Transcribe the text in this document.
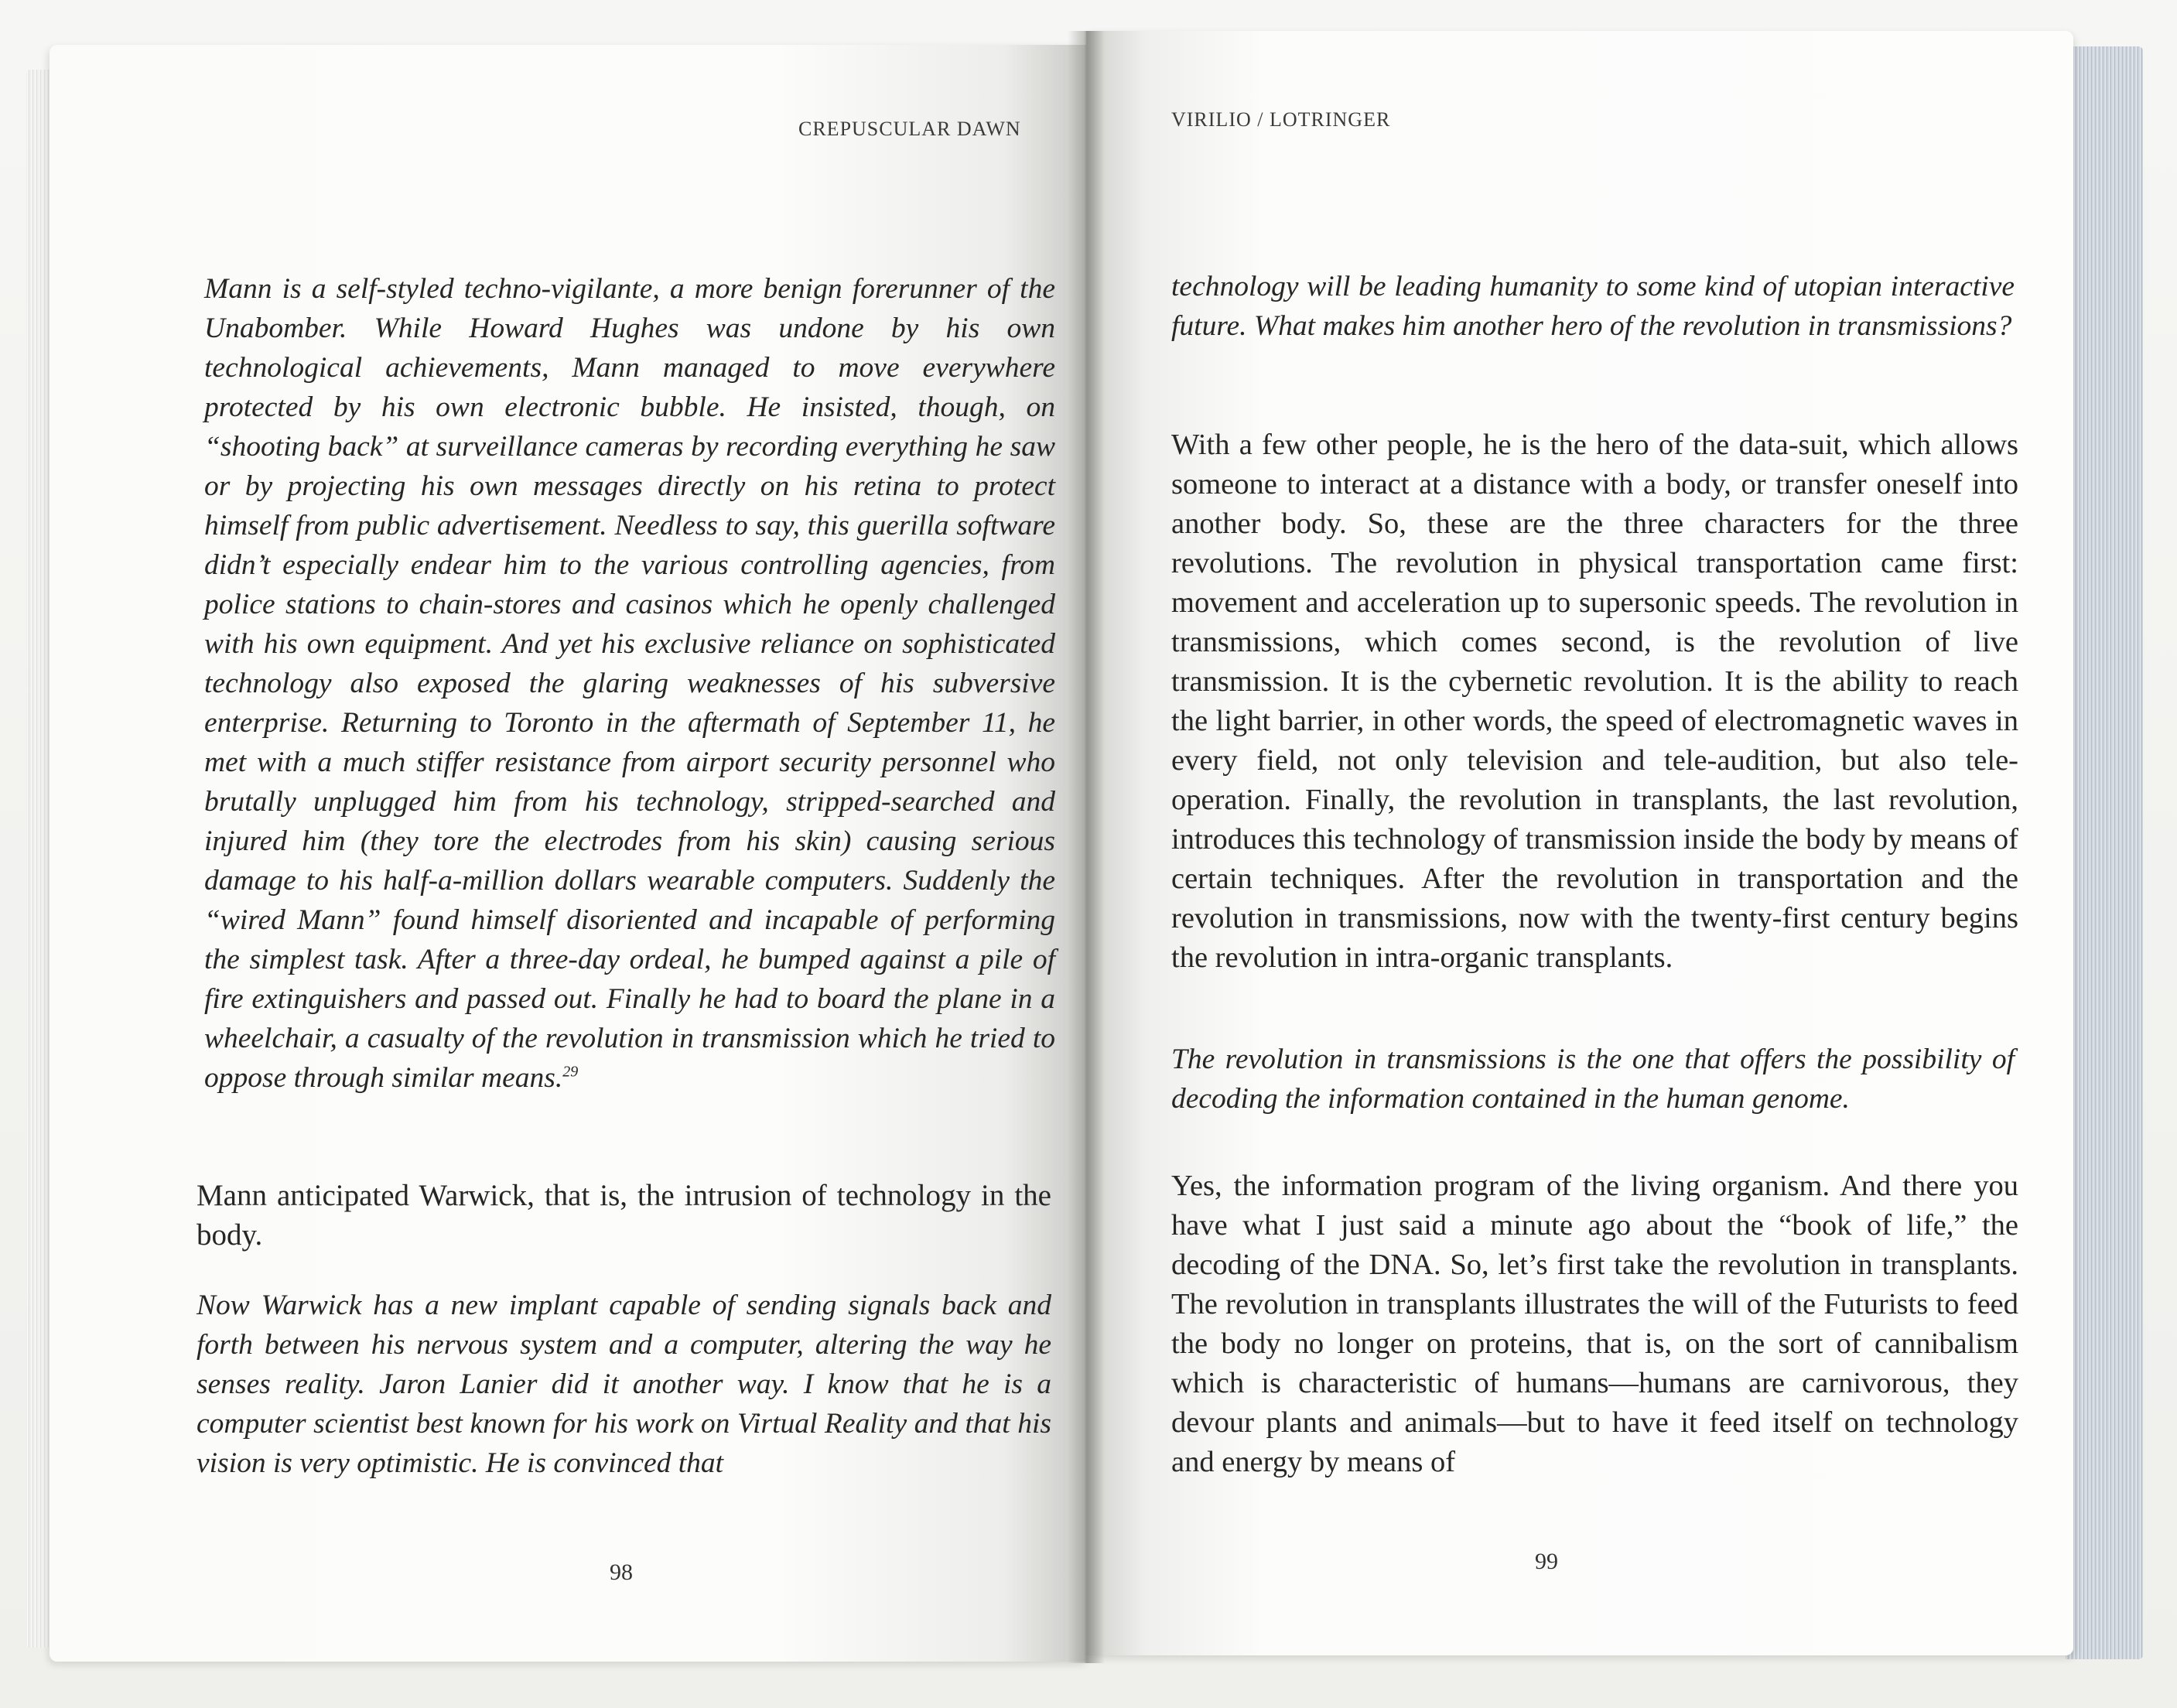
CREPUSCULAR DAWN
Mann is a self-styled techno-vigilante, a more benign forerunner of the Unabomber. While Howard Hughes was undone by his own technological achievements, Mann managed to move everywhere protected by his own electronic bubble. He insisted, though, on “shooting back” at surveillance cameras by recording everything he saw or by projecting his own messages directly on his retina to protect himself from public advertisement. Needless to say, this guerilla software didn’t especially endear him to the various controlling agencies, from police stations to chain-stores and casinos which he openly challenged with his own equipment. And yet his exclusive reliance on sophisticated technology also exposed the glaring weaknesses of his subversive enterprise. Returning to Toronto in the aftermath of September 11, he met with a much stiffer resistance from airport security personnel who brutally unplugged him from his technology, stripped-searched and injured him (they tore the electrodes from his skin) causing serious damage to his half-a-million dollars wearable computers. Suddenly the “wired Mann” found himself disoriented and incapable of performing the simplest task. After a three-day ordeal, he bumped against a pile of fire extinguishers and passed out. Finally he had to board the plane in a wheelchair, a casualty of the revolution in transmission which he tried to oppose through similar means.$^{29}$
Mann anticipated Warwick, that is, the intrusion of technology in the body.
Now Warwick has a new implant capable of sending signals back and forth between his nervous system and a computer, altering the way he senses reality. Jaron Lanier did it another way. I know that he is a computer scientist best known for his work on Virtual Reality and that his vision is very optimistic. He is convinced that
98
VIRILIO / LOTRINGER
technology will be leading humanity to some kind of utopian interactive future. What makes him another hero of the revolution in transmissions?
With a few other people, he is the hero of the data-suit, which allows someone to interact at a distance with a body, or transfer oneself into another body. So, these are the three characters for the three revolutions. The revolution in physical transportation came first: movement and acceleration up to supersonic speeds. The revolution in transmissions, which comes second, is the revolution of live transmission. It is the cybernetic revolution. It is the ability to reach the light barrier, in other words, the speed of electromagnetic waves in every field, not only television and tele-audition, but also tele-operation. Finally, the revolution in transplants, the last revolution, introduces this technology of transmission inside the body by means of certain techniques. After the revolution in transportation and the revolution in transmissions, now with the twenty-first century begins the revolution in intra-organic transplants.
The revolution in transmissions is the one that offers the possibility of decoding the information contained in the human genome.
Yes, the information program of the living organism. And there you have what I just said a minute ago about the “book of life,” the decoding of the DNA. So, let’s first take the revolution in transplants. The revolution in transplants illustrates the will of the Futurists to feed the body no longer on proteins, that is, on the sort of cannibalism which is characteristic of humans—humans are carnivorous, they devour plants and animals—but to have it feed itself on technology and energy by means of
99
